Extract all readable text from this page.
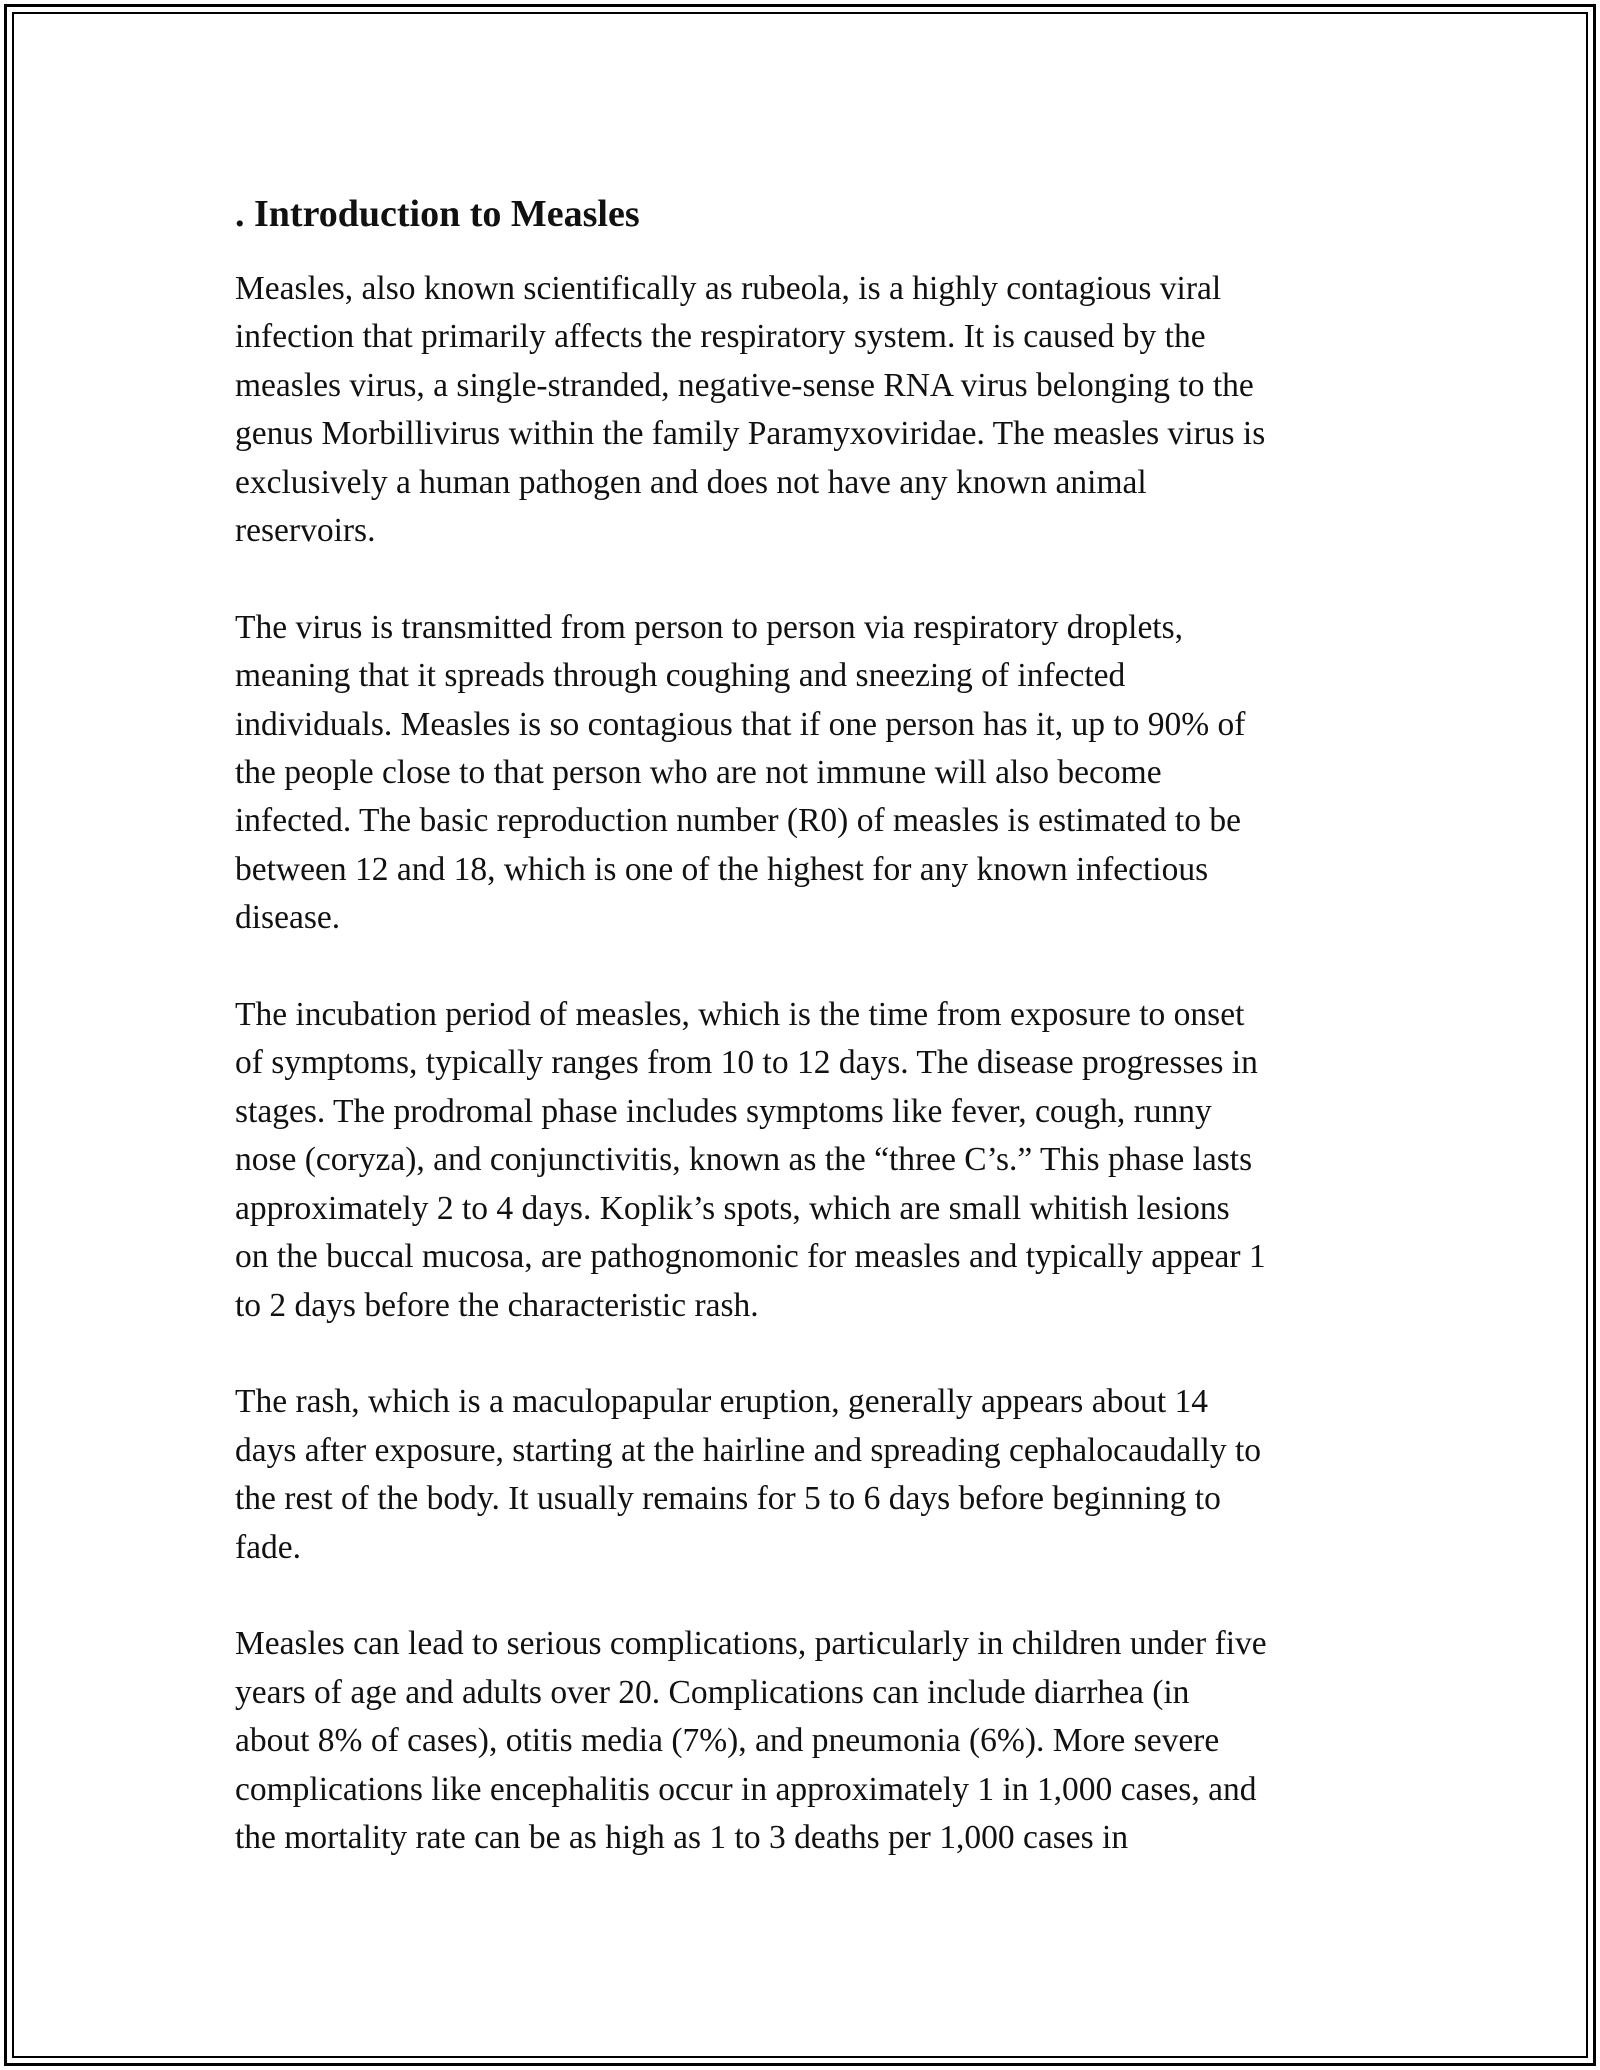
. Introduction to Measles

Measles, also known scientifically as rubeola, is a highly contagious viral
infection that primarily affects the respiratory system. It is caused by the
measles virus, a single-stranded, negative-sense RNA virus belonging to the
genus Morbillivirus within the family Paramyxoviridae. The measles virus is
exclusively a human pathogen and does not have any known animal
reservoirs.

The virus is transmitted from person to person via respiratory droplets,
meaning that it spreads through coughing and sneezing of infected
individuals. Measles is so contagious that if one person has it, up to 90% of
the people close to that person who are not immune will also become
infected. The basic reproduction number (R0) of measles is estimated to be
between 12 and 18, which is one of the highest for any known infectious
disease.

The incubation period of measles, which is the time from exposure to onset
of symptoms, typically ranges from 10 to 12 days. The disease progresses in
stages. The prodromal phase includes symptoms like fever, cough, runny
nose (coryza), and conjunctivitis, known as the “three C’s.” This phase lasts
approximately 2 to 4 days. Koplik’s spots, which are small whitish lesions
on the buccal mucosa, are pathognomonic for measles and typically appear 1
to 2 days before the characteristic rash.

The rash, which is a maculopapular eruption, generally appears about 14
days after exposure, starting at the hairline and spreading cephalocaudally to
the rest of the body. It usually remains for 5 to 6 days before beginning to
fade.

Measles can lead to serious complications, particularly in children under five
years of age and adults over 20. Complications can include diarrhea (in
about 8% of cases), otitis media (7%), and pneumonia (6%). More severe
complications like encephalitis occur in approximately 1 in 1,000 cases, and
the mortality rate can be as high as 1 to 3 deaths per 1,000 cases in
